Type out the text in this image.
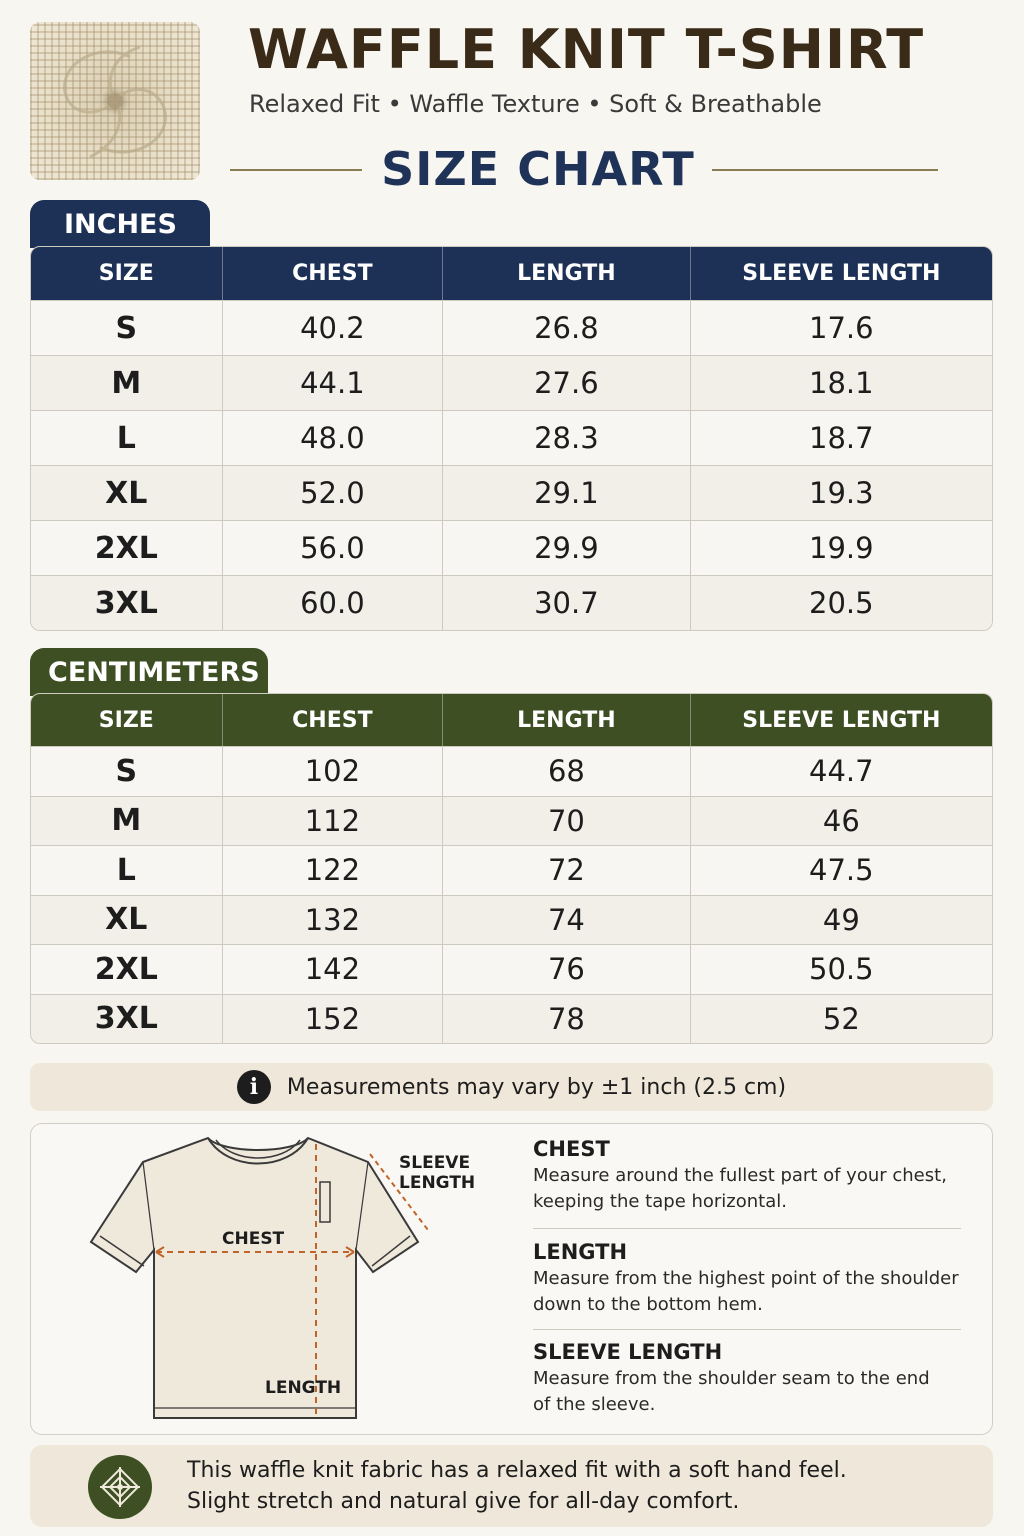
WAFFLE KNIT T-SHIRT
Relaxed Fit • Waffle Texture • Soft & Breathable
SIZE CHART
INCHES
SIZE	CHEST	LENGTH	SLEEVE LENGTH
S	40.2	26.8	17.6
M	44.1	27.6	18.1
L	48.0	28.3	18.7
XL	52.0	29.1	19.3
2XL	56.0	29.9	19.9
3XL	60.0	30.7	20.5
CENTIMETERS
SIZE	CHEST	LENGTH	SLEEVE LENGTH
S	102	68	44.7
M	112	70	46
L	122	72	47.5
XL	132	74	49
2XL	142	76	50.5
3XL	152	78	52
i	Measurements may vary by ±1 inch (2.5 cm)
CHEST
LENGTH
SLEEVE
LENGTH
CHEST
Measure around the fullest part of your chest,
keeping the tape horizontal.
LENGTH
Measure from the highest point of the shoulder
down to the bottom hem.
SLEEVE LENGTH
Measure from the shoulder seam to the end
of the sleeve.
This waffle knit fabric has a relaxed fit with a soft hand feel.
Slight stretch and natural give for all-day comfort.
